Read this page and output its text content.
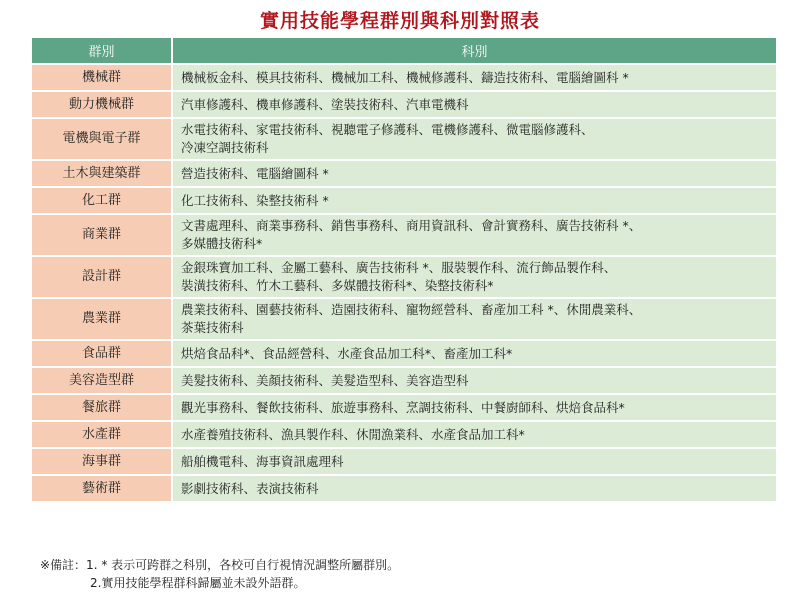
實用技能學程群別與科別對照表
群別	科別
機械群	機械板金科、模具技術科、機械加工科、機械修護科、鑄造技術科、電腦繪圖科 *

動力機械群	汽車修護科、機車修護科、塗裝技術科、汽車電機科

電機與電子群	水電技術科、家電技術科、視聽電子修護科、電機修護科、微電腦修護科、
冷凍空調技術科

土木與建築群	營造技術科、電腦繪圖科 *

化工群	化工技術科、染整技術科 *

商業群	文書處理科、商業事務科、銷售事務科、商用資訊科、會計實務科、廣告技術科 *、
多媒體技術科*

設計群	金銀珠寶加工科、金屬工藝科、廣告技術科 *、服裝製作科、流行飾品製作科、
裝潢技術科、竹木工藝科、多媒體技術科*、染整技術科*

農業群	農業技術科、園藝技術科、造園技術科、寵物經營科、畜產加工科 *、休閒農業科、
茶葉技術科

食品群	烘焙食品科*、食品經營科、水產食品加工科*、畜產加工科*

美容造型群	美髮技術科、美顏技術科、美髮造型科、美容造型科

餐旅群	觀光事務科、餐飲技術科、旅遊事務科、烹調技術科、中餐廚師科、烘焙食品科*

水產群	水產養殖技術科、漁具製作科、休閒漁業科、水產食品加工科*

海事群	船舶機電科、海事資訊處理科

藝術群	影劇技術科、表演技術科
※備註：1. * 表示可跨群之科別，各校可自行視情況調整所屬群別。
2.實用技能學程群科歸屬並未設外語群。
